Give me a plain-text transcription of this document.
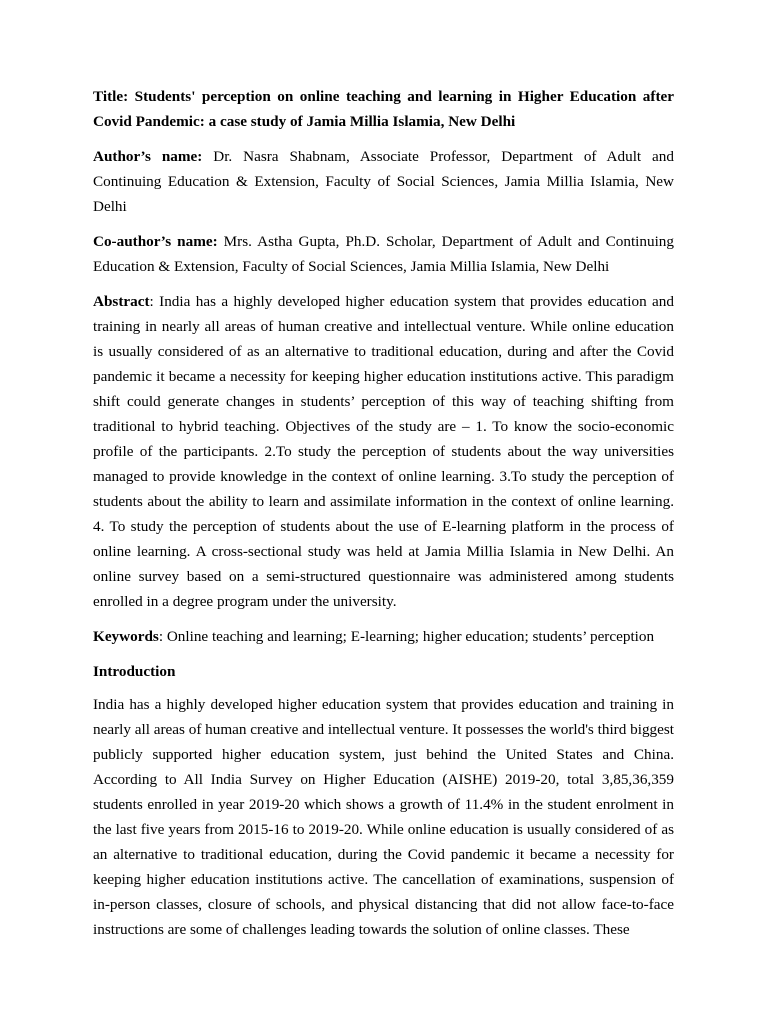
Title: Students' perception on online teaching and learning in Higher Education after Covid Pandemic: a case study of Jamia Millia Islamia, New Delhi

Author’s name: Dr. Nasra Shabnam, Associate Professor, Department of Adult and Continuing Education & Extension, Faculty of Social Sciences, Jamia Millia Islamia, New Delhi

Co-author’s name: Mrs. Astha Gupta, Ph.D. Scholar, Department of Adult and Continuing Education & Extension, Faculty of Social Sciences, Jamia Millia Islamia, New Delhi

Abstract: India has a highly developed higher education system that provides education and training in nearly all areas of human creative and intellectual venture. While online education is usually considered of as an alternative to traditional education, during and after the Covid pandemic it became a necessity for keeping higher education institutions active. This paradigm shift could generate changes in students’ perception of this way of teaching shifting from traditional to hybrid teaching. Objectives of the study are – 1. To know the socio-economic profile of the participants. 2.To study the perception of students about the way universities managed to provide knowledge in the context of online learning. 3.To study the perception of students about the ability to learn and assimilate information in the context of online learning. 4. To study the perception of students about the use of E-learning platform in the process of online learning. A cross-sectional study was held at Jamia Millia Islamia in New Delhi. An online survey based on a semi-structured questionnaire was administered among students enrolled in a degree program under the university.

Keywords: Online teaching and learning; E-learning; higher education; students’ perception

Introduction

India has a highly developed higher education system that provides education and training in nearly all areas of human creative and intellectual venture. It possesses the world's third biggest publicly supported higher education system, just behind the United States and China. According to All India Survey on Higher Education (AISHE) 2019-20, total 3,85,36,359 students enrolled in year 2019-20 which shows a growth of 11.4% in the student enrolment in the last five years from 2015-16 to 2019-20. While online education is usually considered of as an alternative to traditional education, during the Covid pandemic it became a necessity for keeping higher education institutions active. The cancellation of examinations, suspension of in-person classes, closure of schools, and physical distancing that did not allow face-to-face instructions are some of challenges leading towards the solution of online classes. These
